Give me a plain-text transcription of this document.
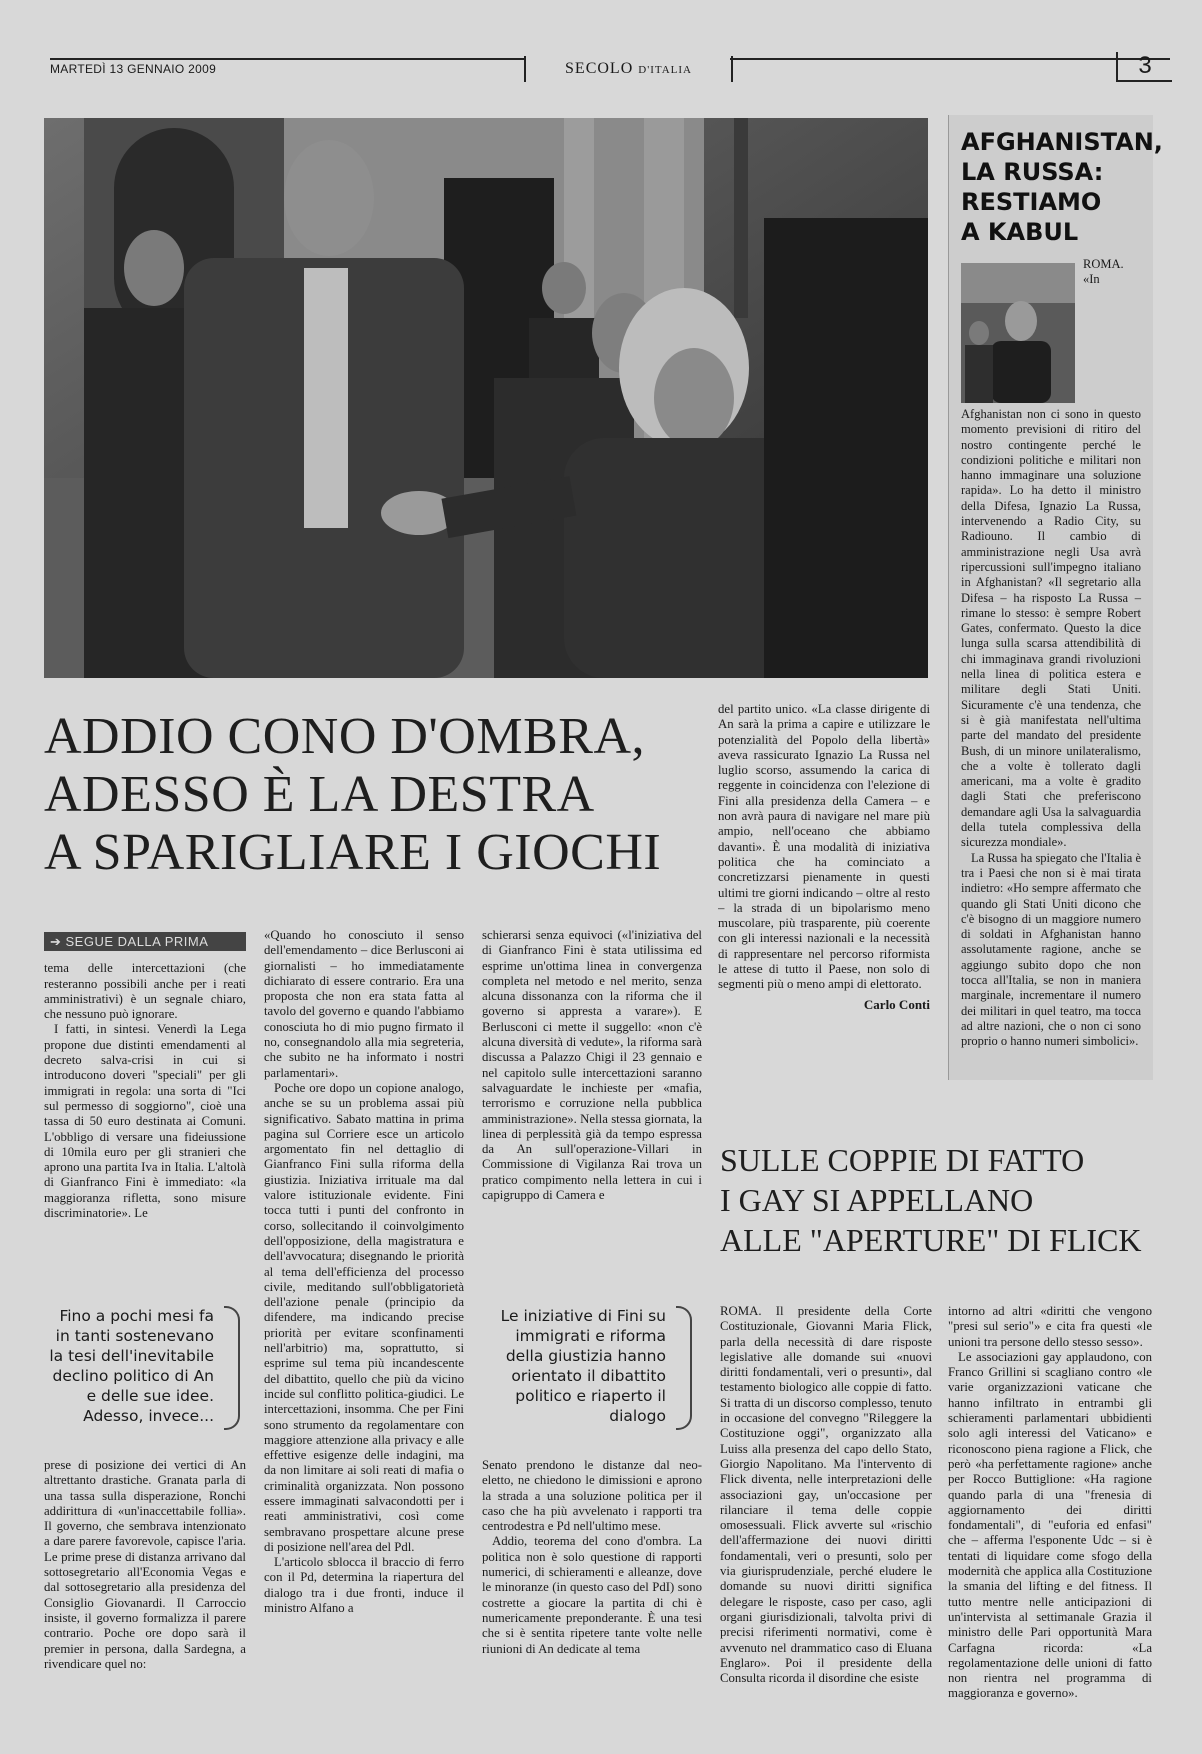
MARTEDÌ 13 GENNAIO 2009	SECOLO D'ITALIA	3
AFGHANISTAN,
LA RUSSA:
RESTIAMO
A KABUL

ROMA. «In Afghanistan non ci sono in questo momento previsioni di ritiro del nostro contingente perché le condizioni politiche e militari non hanno immaginare una soluzione rapida». Lo ha detto il ministro della Difesa, Ignazio La Russa, intervenendo a Radio City, su Radiouno. Il cambio di amministrazione negli Usa avrà ripercussioni sull'impegno italiano in Afghanistan? «Il segretario alla Difesa – ha risposto La Russa – rimane lo stesso: è sempre Robert Gates, confermato. Questo la dice lunga sulla scarsa attendibilità di chi immaginava grandi rivoluzioni nella linea di politica estera e militare degli Stati Uniti. Sicuramente c'è una tendenza, che si è già manifestata nell'ultima parte del mandato del presidente Bush, di un minore unilateralismo, che a volte è tollerato dagli americani, ma a volte è gradito dagli Stati che preferiscono demandare agli Usa la salvaguardia della tutela complessiva della sicurezza mondiale».

La Russa ha spiegato che l'Italia è tra i Paesi che non si è mai tirata indietro: «Ho sempre affermato che quando gli Stati Uniti dicono che c'è bisogno di un maggiore numero di soldati in Afghanistan hanno assolutamente ragione, anche se aggiungo subito dopo che non tocca all'Italia, se non in maniera marginale, incrementare il numero dei militari in quel teatro, ma tocca ad altre nazioni, che o non ci sono proprio o hanno numeri simbolici».

ADDIO CONO D'OMBRA,
ADESSO È LA DESTRA
A SPARIGLIARE I GIOCHI
➔ SEGUE DALLA PRIMA

tema delle intercettazioni (che resteranno possibili anche per i reati amministrativi) è un segnale chiaro, che nessuno può ignorare.

I fatti, in sintesi. Venerdì la Lega propone due distinti emendamenti al decreto salva-crisi in cui si introducono doveri "speciali" per gli immigrati in regola: una sorta di "Ici sul permesso di soggiorno", cioè una tassa di 50 euro destinata ai Comuni. L'obbligo di versare una fideiussione di 10mila euro per gli stranieri che aprono una partita Iva in Italia. L'altolà di Gianfranco Fini è immediato: «la maggioranza rifletta, sono misure discriminatorie». Le

Fino a pochi mesi fa in tanti sostenevano la tesi dell'inevitabile declino politico di An e delle sue idee. Adesso, invece...

prese di posizione dei vertici di An altrettanto drastiche. Granata parla di una tassa sulla disperazione, Ronchi addirittura di «un'inaccettabile follia». Il governo, che sembrava intenzionato a dare parere favorevole, capisce l'aria. Le prime prese di distanza arrivano dal sottosegretario all'Economia Vegas e dal sottosegretario alla presidenza del Consiglio Giovanardi. Il Carroccio insiste, il governo formalizza il parere contrario. Poche ore dopo sarà il premier in persona, dalla Sardegna, a rivendicare quel no:

«Quando ho conosciuto il senso dell'emendamento – dice Berlusconi ai giornalisti – ho immediatamente dichiarato di essere contrario. Era una proposta che non era stata fatta al tavolo del governo e quando l'abbiamo conosciuta ho di mio pugno firmato il no, consegnandolo alla mia segreteria, che subito ne ha informato i nostri parlamentari».

Poche ore dopo un copione analogo, anche se su un problema assai più significativo. Sabato mattina in prima pagina sul Corriere esce un articolo argomentato fin nel dettaglio di Gianfranco Fini sulla riforma della giustizia. Iniziativa irrituale ma dal valore istituzionale evidente. Fini tocca tutti i punti del confronto in corso, sollecitando il coinvolgimento dell'opposizione, della magistratura e dell'avvocatura; disegnando le priorità al tema dell'efficienza del processo civile, meditando sull'obbligatorietà dell'azione penale (principio da difendere, ma indicando precise priorità per evitare sconfinamenti nell'arbitrio) ma, soprattutto, si esprime sul tema più incandescente del dibattito, quello che più da vicino incide sul conflitto politica-giudici. Le intercettazioni, insomma. Che per Fini sono strumento da regolamentare con maggiore attenzione alla privacy e alle effettive esigenze delle indagini, ma da non limitare ai soli reati di mafia o criminalità organizzata. Non possono essere immaginati salvacondotti per i reati amministrativi, così come sembravano prospettare alcune prese di posizione nell'area del Pdl.

L'articolo sblocca il braccio di ferro con il Pd, determina la riapertura del dialogo tra i due fronti, induce il ministro Alfano a

schierarsi senza equivoci («l'iniziativa del di Gianfranco Fini è stata utilissima ed esprime un'ottima linea in convergenza completa nel metodo e nel merito, senza alcuna dissonanza con la riforma che il governo si appresta a varare»). E Berlusconi ci mette il suggello: «non c'è alcuna diversità di vedute», la riforma sarà discussa a Palazzo Chigi il 23 gennaio e nel capitolo sulle intercettazioni saranno salvaguardate le inchieste per «mafia, terrorismo e corruzione nella pubblica amministrazione». Nella stessa giornata, la linea di perplessità già da tempo espressa da An sull'operazione-Villari in Commissione di Vigilanza Rai trova un pratico compimento nella lettera in cui i capigruppo di Camera e

Le iniziative di Fini su immigrati e riforma della giustizia hanno orientato il dibattito politico e riaperto il dialogo

Senato prendono le distanze dal neo-eletto, ne chiedono le dimissioni e aprono la strada a una soluzione politica per il caso che ha più avvelenato i rapporti tra centrodestra e Pd nell'ultimo mese.

Addio, teorema del cono d'ombra. La politica non è solo questione di rapporti numerici, di schieramenti e alleanze, dove le minoranze (in questo caso del PdI) sono costrette a giocare la partita di chi è numericamente preponderante. È una tesi che si è sentita ripetere tante volte nelle riunioni di An dedicate al tema

del partito unico. «La classe dirigente di An sarà la prima a capire e utilizzare le potenzialità del Popolo della libertà» aveva rassicurato Ignazio La Russa nel luglio scorso, assumendo la carica di reggente in coincidenza con l'elezione di Fini alla presidenza della Camera – e non avrà paura di navigare nel mare più ampio, nell'oceano che abbiamo davanti». È una modalità di iniziativa politica che ha cominciato a concretizzarsi pienamente in questi ultimi tre giorni indicando – oltre al resto – la strada di un bipolarismo meno muscolare, più trasparente, più coerente con gli interessi nazionali e la necessità di rappresentare nel percorso riformista le attese di tutto il Paese, non solo di segmenti più o meno ampi di elettorato.

Carlo Conti
SULLE COPPIE DI FATTO
I GAY SI APPELLANO
ALLE "APERTURE" DI FLICK

ROMA. Il presidente della Corte Costituzionale, Giovanni Maria Flick, parla della necessità di dare risposte legislative alle domande sui «nuovi diritti fondamentali, veri o presunti», dal testamento biologico alle coppie di fatto. Si tratta di un discorso complesso, tenuto in occasione del convegno "Rileggere la Costituzione oggi", organizzato alla Luiss alla presenza del capo dello Stato, Giorgio Napolitano. Ma l'intervento di Flick diventa, nelle interpretazioni delle associazioni gay, un'occasione per rilanciare il tema delle coppie omosessuali. Flick avverte sul «rischio dell'affermazione dei nuovi diritti fondamentali, veri o presunti, solo per via giurisprudenziale, perché eludere le domande su nuovi diritti significa delegare le risposte, caso per caso, agli organi giurisdizionali, talvolta privi di precisi riferimenti normativi, come è avvenuto nel drammatico caso di Eluana Englaro». Poi il presidente della Consulta ricorda il disordine che esiste

intorno ad altri «diritti che vengono "presi sul serio"» e cita fra questi «le unioni tra persone dello stesso sesso».

Le associazioni gay applaudono, con Franco Grillini si scagliano contro «le varie organizzazioni vaticane che hanno infiltrato in entrambi gli schieramenti parlamentari ubbidienti solo agli interessi del Vaticano» e riconoscono piena ragione a Flick, che però «ha perfettamente ragione» anche per Rocco Buttiglione: «Ha ragione quando parla di una "frenesia di aggiornamento dei diritti fondamentali", di "euforia ed enfasi" che – afferma l'esponente Udc – si è tentati di liquidare come sfogo della modernità che applica alla Costituzione la smania del lifting e del fitness. Il tutto mentre nelle anticipazioni di un'intervista al settimanale Grazia il ministro delle Pari opportunità Mara Carfagna ricorda: «La regolamentazione delle unioni di fatto non rientra nel programma di maggioranza e governo».
